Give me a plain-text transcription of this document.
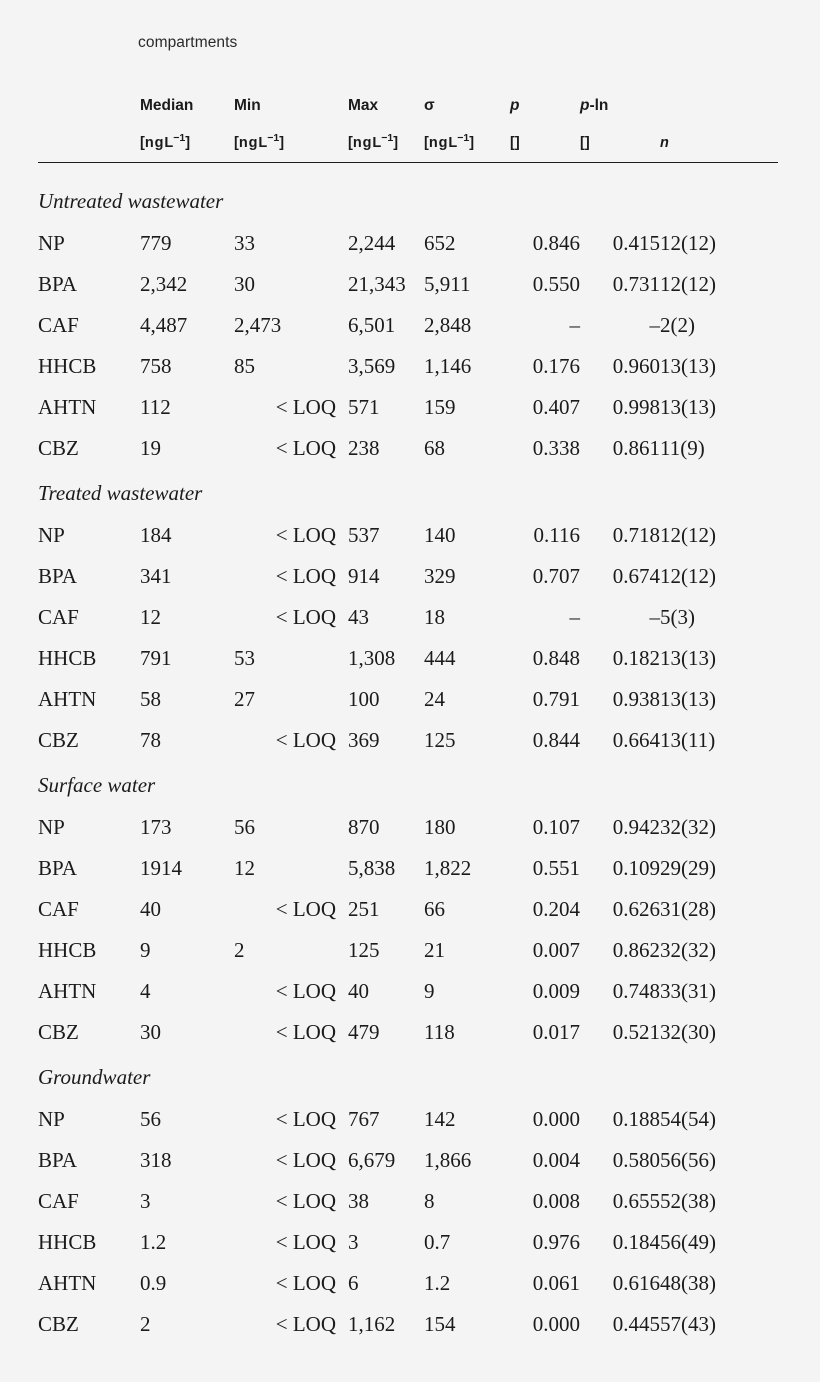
compartments
	Median	Min	Max	σ	p	p-ln	
	[ngL$^{-1}$]	[ngL$^{-1}$]	[ngL$^{-1}$]	[ngL$^{-1}$]	[]	[]	n

Untreated wastewater							
NP	779	33	2,244	652	0.846	0.415	12(12)
BPA	2,342	30	21,343	5,911	0.550	0.731	12(12)
CAF	4,487	2,473	6,501	2,848	–	–	2(2)
HHCB	758	85	3,569	1,146	0.176	0.960	13(13)
AHTN	112	< LOQ	571	159	0.407	0.998	13(13)
CBZ	19	< LOQ	238	68	0.338	0.861	11(9)
Treated wastewater							
NP	184	< LOQ	537	140	0.116	0.718	12(12)
BPA	341	< LOQ	914	329	0.707	0.674	12(12)
CAF	12	< LOQ	43	18	–	–	5(3)
HHCB	791	53	1,308	444	0.848	0.182	13(13)
AHTN	58	27	100	24	0.791	0.938	13(13)
CBZ	78	< LOQ	369	125	0.844	0.664	13(11)
Surface water							
NP	173	56	870	180	0.107	0.942	32(32)
BPA	1914	12	5,838	1,822	0.551	0.109	29(29)
CAF	40	< LOQ	251	66	0.204	0.626	31(28)
HHCB	9	2	125	21	0.007	0.862	32(32)
AHTN	4	< LOQ	40	9	0.009	0.748	33(31)
CBZ	30	< LOQ	479	118	0.017	0.521	32(30)
Groundwater							
NP	56	< LOQ	767	142	0.000	0.188	54(54)
BPA	318	< LOQ	6,679	1,866	0.004	0.580	56(56)
CAF	3	< LOQ	38	8	0.008	0.655	52(38)
HHCB	1.2	< LOQ	3	0.7	0.976	0.184	56(49)
AHTN	0.9	< LOQ	6	1.2	0.061	0.616	48(38)
CBZ	2	< LOQ	1,162	154	0.000	0.445	57(43)
